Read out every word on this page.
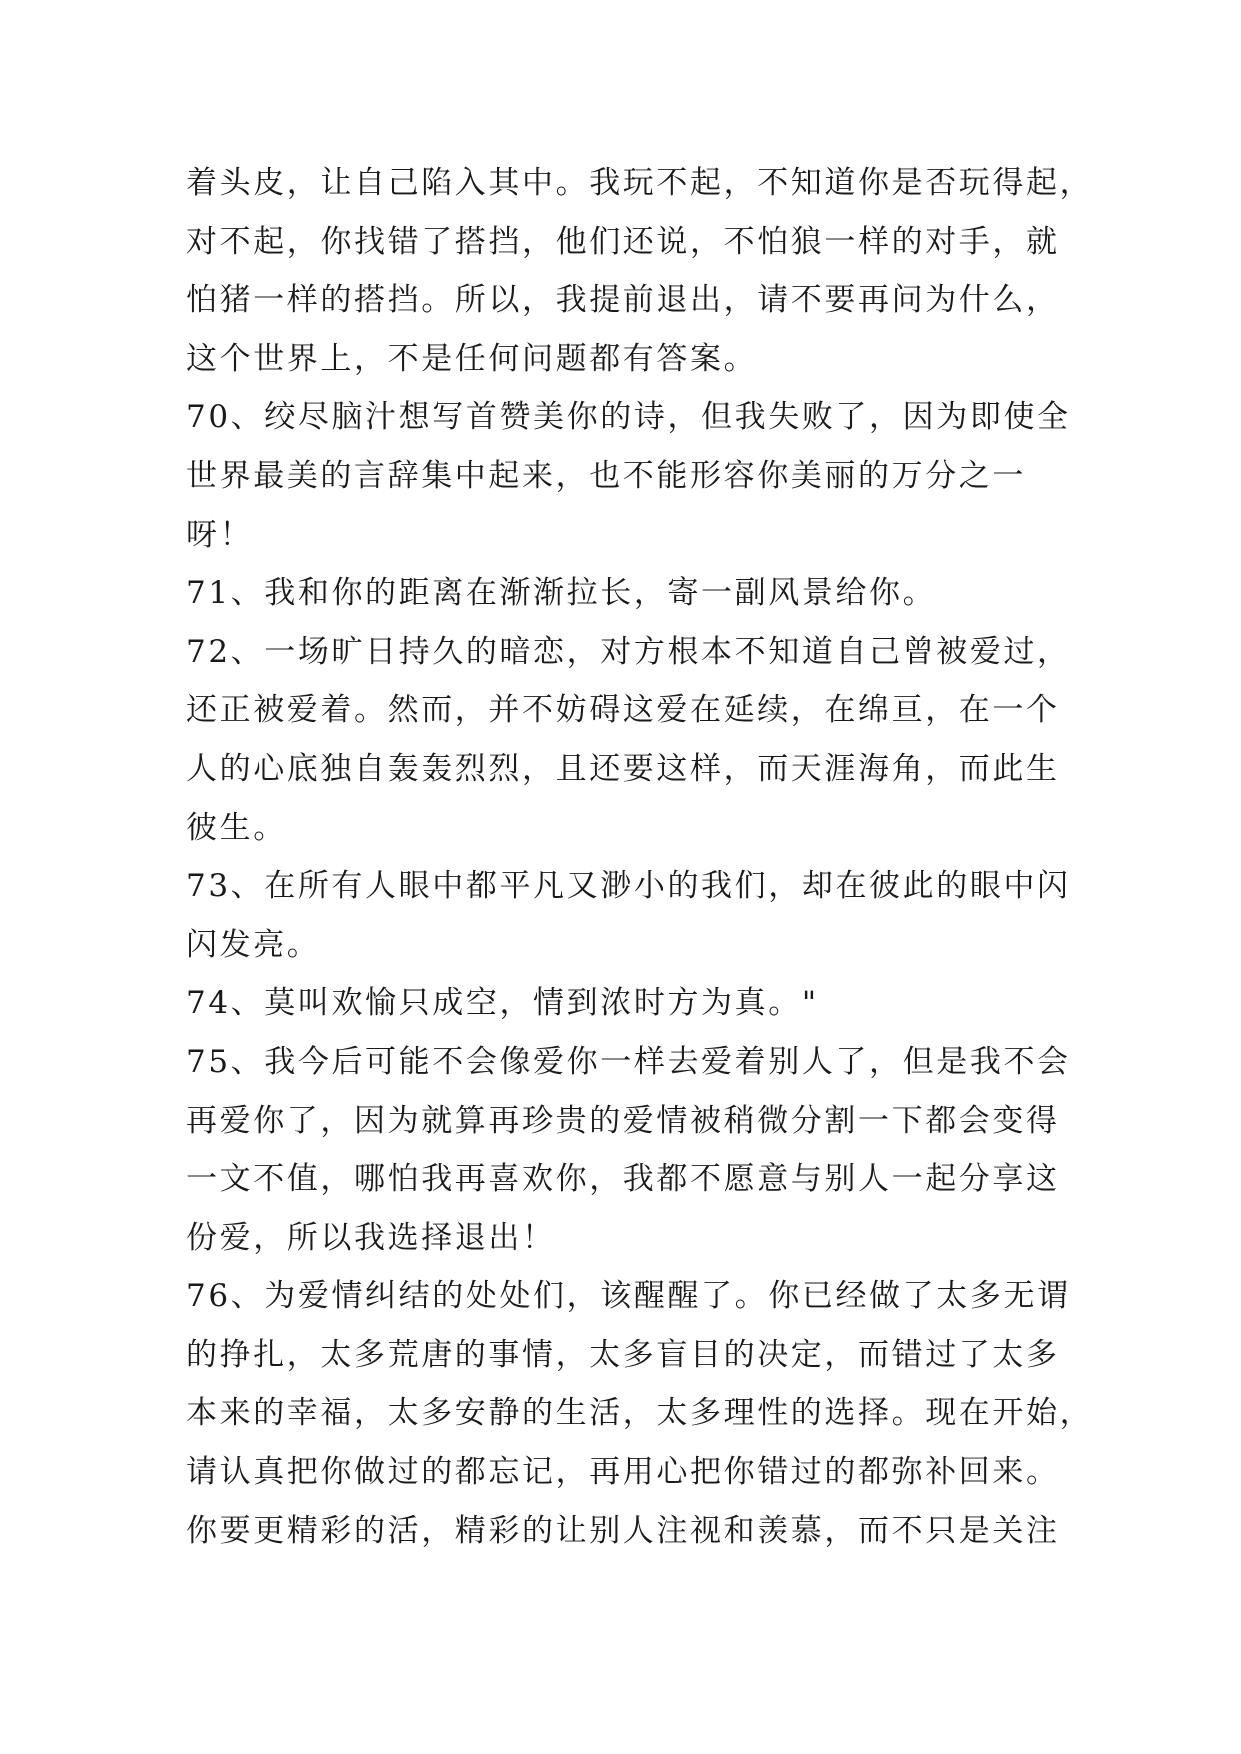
着头皮，让自己陷入其中。我玩不起，不知道你是否玩得起，
对不起，你找错了搭挡，他们还说，不怕狼一样的对手，就
怕猪一样的搭挡。所以，我提前退出，请不要再问为什么，
这个世界上，不是任何问题都有答案。
70、绞尽脑汁想写首赞美你的诗，但我失败了，因为即使全
世界最美的言辞集中起来，也不能形容你美丽的万分之一
呀！
71、我和你的距离在渐渐拉长，寄一副风景给你。
72、一场旷日持久的暗恋，对方根本不知道自己曾被爱过，
还正被爱着。然而，并不妨碍这爱在延续，在绵亘，在一个
人的心底独自轰轰烈烈，且还要这样，而天涯海角，而此生
彼生。
73、在所有人眼中都平凡又渺小的我们，却在彼此的眼中闪
闪发亮。
74、莫叫欢愉只成空，情到浓时方为真。"
75、我今后可能不会像爱你一样去爱着别人了，但是我不会
再爱你了，因为就算再珍贵的爱情被稍微分割一下都会变得
一文不值，哪怕我再喜欢你，我都不愿意与别人一起分享这
份爱，所以我选择退出！
76、为爱情纠结的处处们，该醒醒了。你已经做了太多无谓
的挣扎，太多荒唐的事情，太多盲目的决定，而错过了太多
本来的幸福，太多安静的生活，太多理性的选择。现在开始，
请认真把你做过的都忘记，再用心把你错过的都弥补回来。
你要更精彩的活，精彩的让别人注视和羡慕，而不只是关注
